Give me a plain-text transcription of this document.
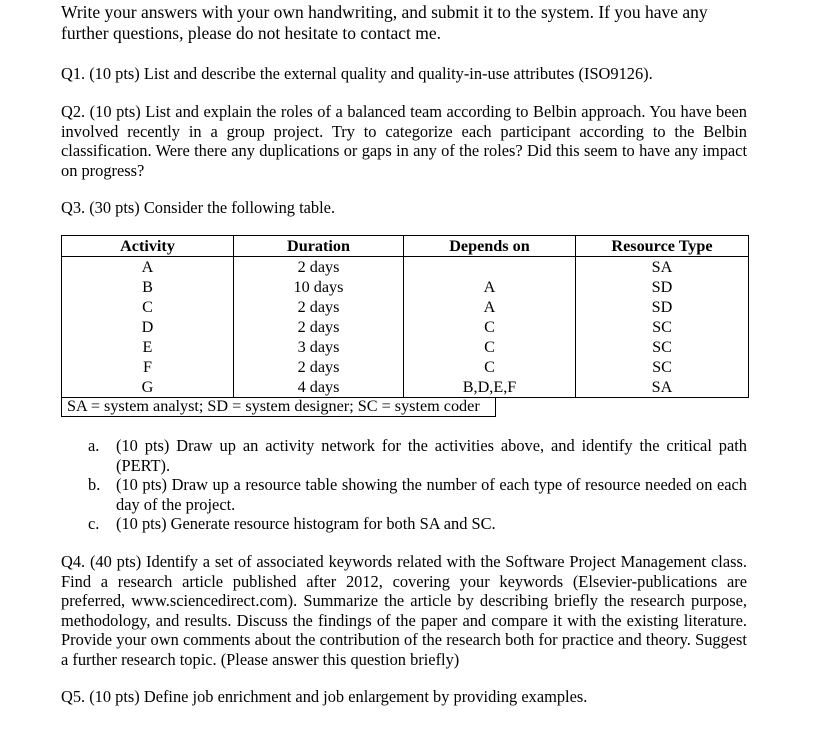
Write your answers with your own handwriting, and submit it to the system. If you have any further questions, please do not hesitate to contact me.

Q1. (10 pts) List and describe the external quality and quality-in-use attributes (ISO9126).

Q2. (10 pts) List and explain the roles of a balanced team according to Belbin approach. You have been involved recently in a group project. Try to categorize each participant according to the Belbin classification. Were there any duplications or gaps in any of the roles? Did this seem to have any impact on progress?

Q3. (30 pts) Consider the following table.

Activity	Duration	Depends on	Resource Type
A	2 days		SA
B	10 days	A	SD
C	2 days	A	SD
D	2 days	C	SC
E	3 days	C	SC
F	2 days	C	SC
G	4 days	B,D,E,F	SA
SA = system analyst; SD = system designer; SC = system coder
a. (10 pts) Draw up an activity network for the activities above, and identify the critical path (PERT).
b. (10 pts) Draw up a resource table showing the number of each type of resource needed on each day of the project.
c. (10 pts) Generate resource histogram for both SA and SC.

Q4. (40 pts) Identify a set of associated keywords related with the Software Project Management class. Find a research article published after 2012, covering your keywords (Elsevier-publications are preferred, www.sciencedirect.com). Summarize the article by describing briefly the research purpose, methodology, and results. Discuss the findings of the paper and compare it with the existing literature. Provide your own comments about the contribution of the research both for practice and theory. Suggest a further research topic. (Please answer this question briefly)

Q5. (10 pts) Define job enrichment and job enlargement by providing examples.
